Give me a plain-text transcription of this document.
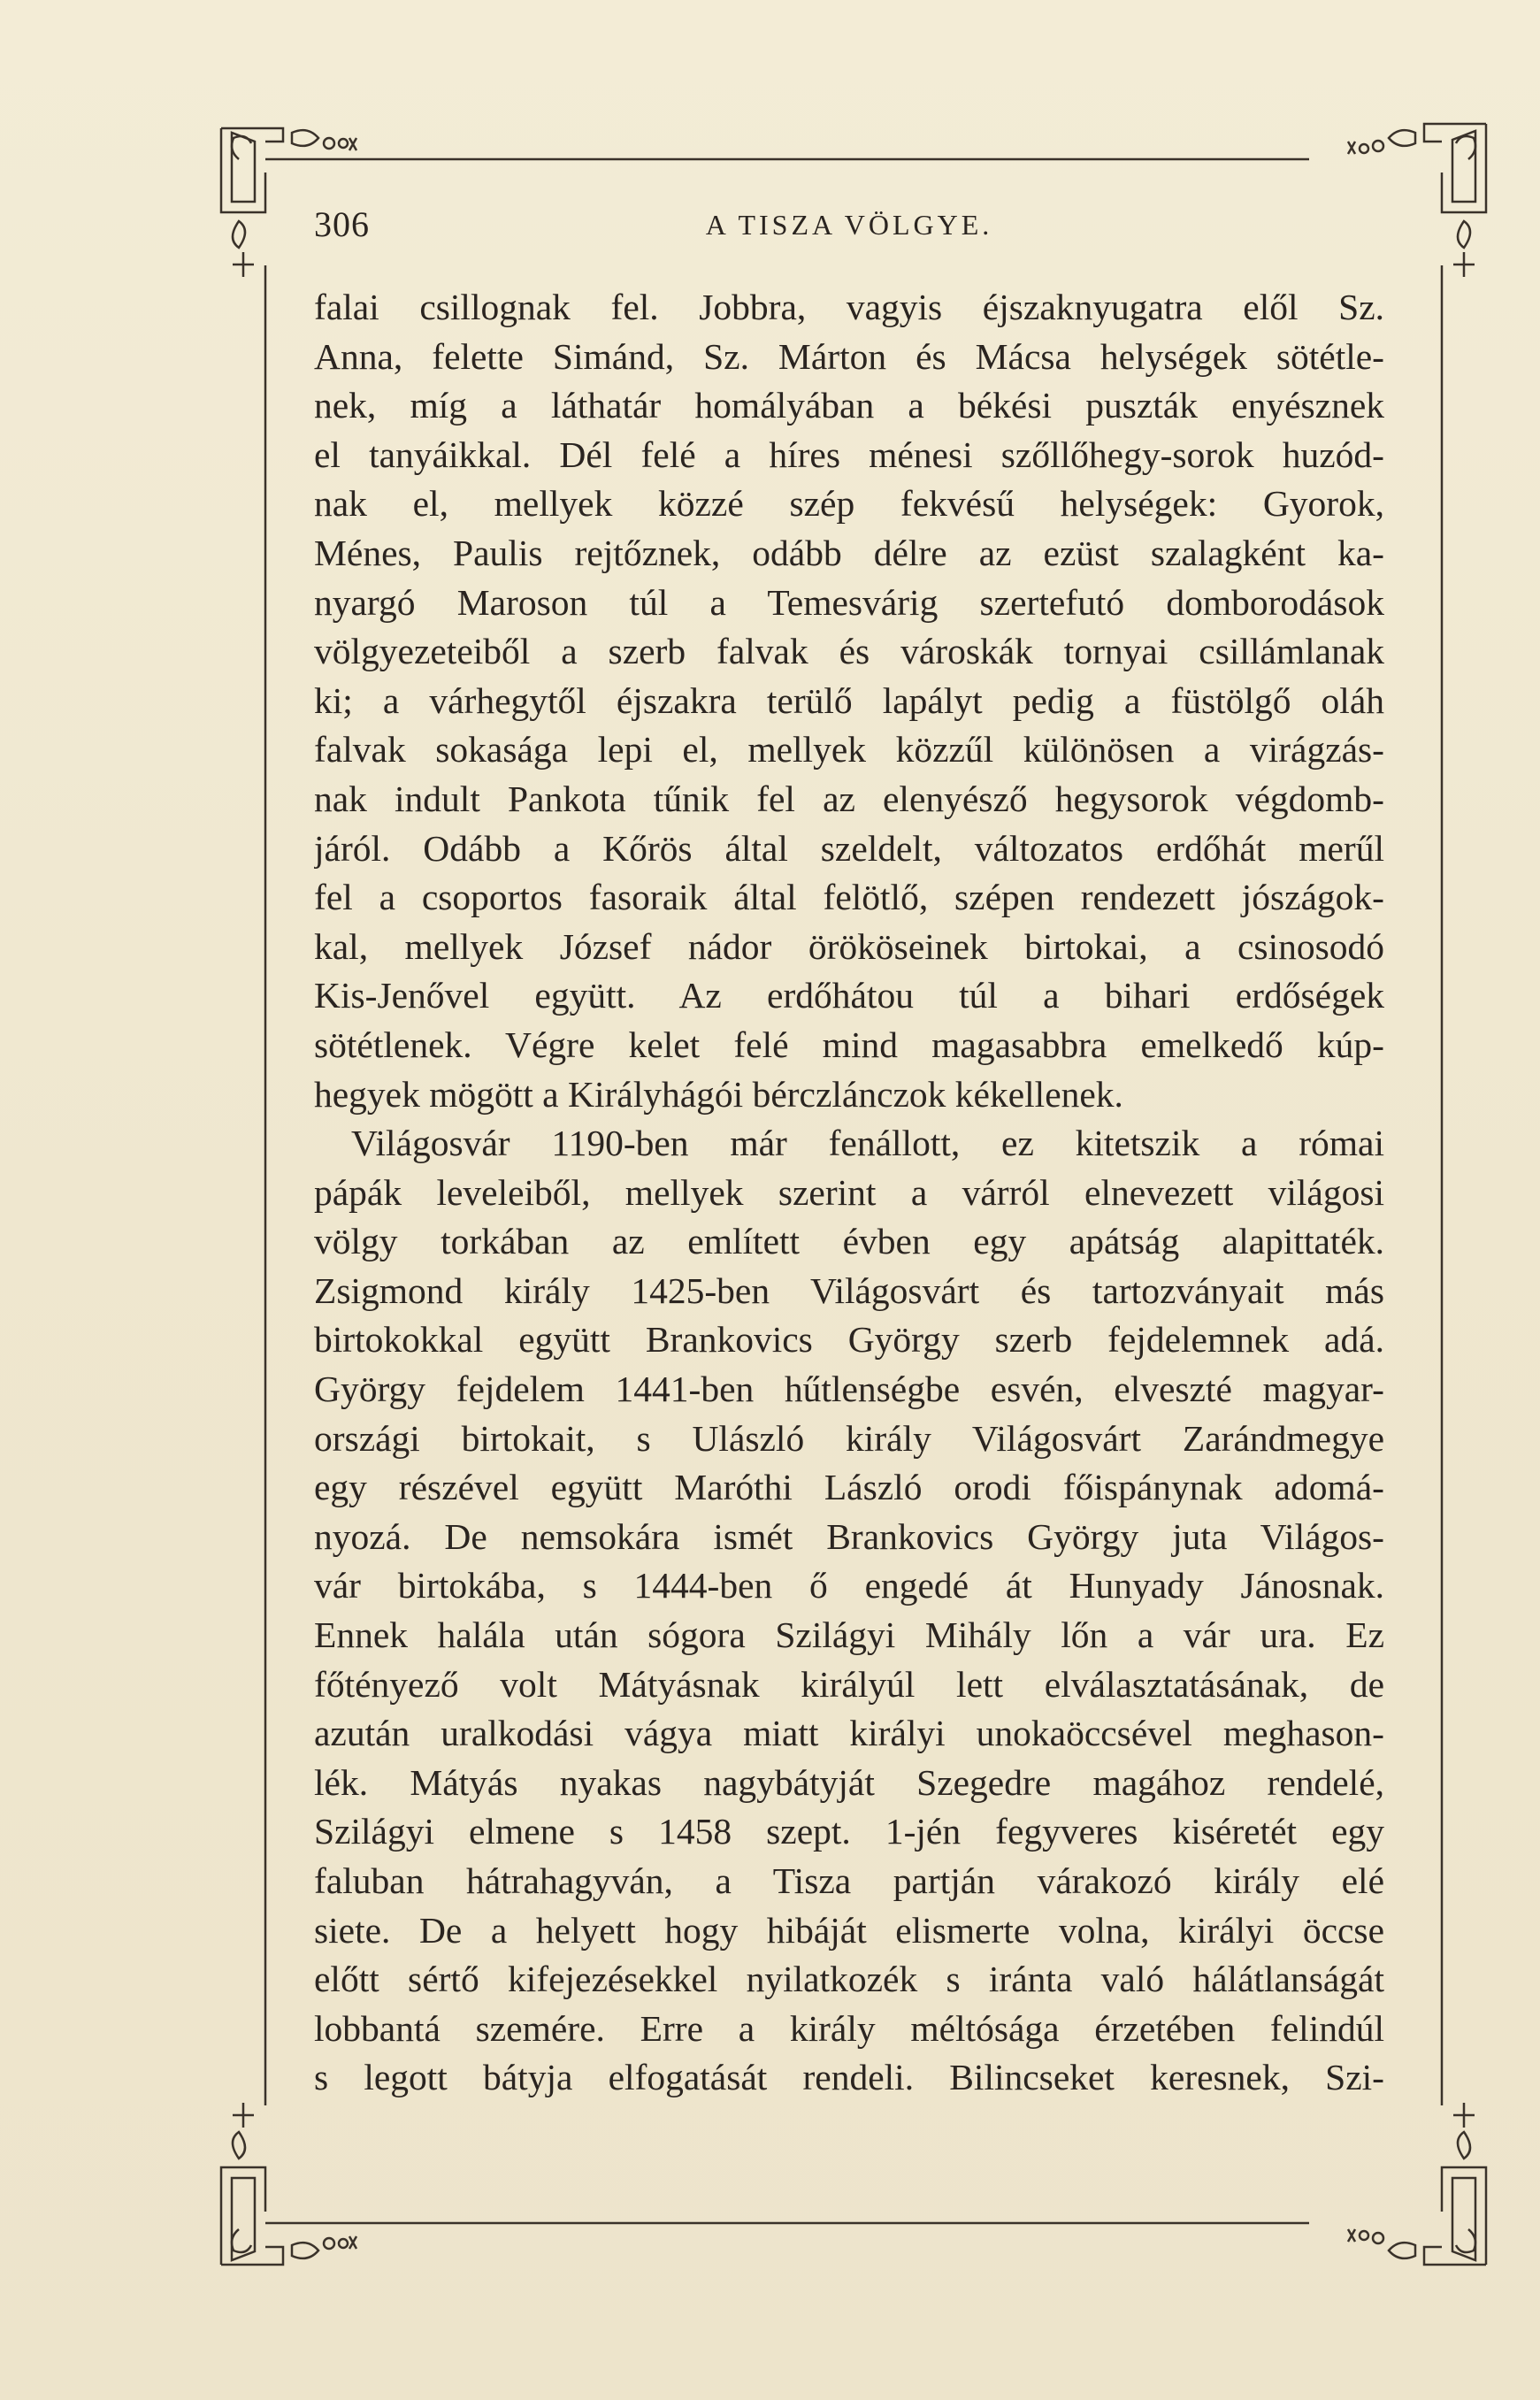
306	A TISZA VÖLGYE.
falai csillognak fel. Jobbra, vagyis éjszaknyugatra elől Sz.
Anna, felette Simánd, Sz. Márton és Mácsa helységek sötétle-
nek, míg a láthatár homályában a békési puszták enyésznek
el tanyáikkal. Dél felé a híres ménesi szőllőhegy-sorok huzód-
nak el, mellyek közzé szép fekvésű helységek: Gyorok,
Ménes, Paulis rejtőznek, odább délre az ezüst szalagként ka-
nyargó Maroson túl a Temesvárig szertefutó domborodások
völgyezeteiből a szerb falvak és városkák tornyai csillámlanak
ki; a várhegytől éjszakra terülő lapályt pedig a füstölgő oláh
falvak sokasága lepi el, mellyek közzűl különösen a virágzás-
nak indult Pankota tűnik fel az elenyésző hegysorok végdomb-
járól. Odább a Kőrös által szeldelt, változatos erdőhát merűl
fel a csoportos fasoraik által felötlő, szépen rendezett jószágok-
kal, mellyek József nádor örököseinek birtokai, a csinosodó
Kis-Jenővel együtt. Az erdőhátou túl a bihari erdőségek
sötétlenek. Végre kelet felé mind magasabbra emelkedő kúp-
hegyek mögött a Királyhágói bérczlánczok kékellenek.
Világosvár 1190-ben már fenállott, ez kitetszik a római
pápák leveleiből, mellyek szerint a várról elnevezett világosi
völgy torkában az említett évben egy apátság alapittaték.
Zsigmond király 1425-ben Világosvárt és tartozványait más
birtokokkal együtt Brankovics György szerb fejdelemnek adá.
György fejdelem 1441-ben hűtlenségbe esvén, elveszté magyar-
országi birtokait, s Ulászló király Világosvárt Zarándmegye
egy részével együtt Maróthi László orodi főispánynak adomá-
nyozá. De nemsokára ismét Brankovics György juta Világos-
vár birtokába, s 1444-ben ő engedé át Hunyady Jánosnak.
Ennek halála után sógora Szilágyi Mihály lőn a vár ura. Ez
főtényező volt Mátyásnak királyúl lett elválasztatásának, de
azután uralkodási vágya miatt királyi unokaöccsével meghason-
lék. Mátyás nyakas nagybátyját Szegedre magához rendelé,
Szilágyi elmene s 1458 szept. 1-jén fegyveres kiséretét egy
faluban hátrahagyván, a Tisza partján várakozó király elé
siete. De a helyett hogy hibáját elismerte volna, királyi öccse
előtt sértő kifejezésekkel nyilatkozék s iránta való hálátlanságát
lobbantá szemére. Erre a király méltósága érzetében felindúl
s legott bátyja elfogatását rendeli. Bilincseket keresnek, Szi-
